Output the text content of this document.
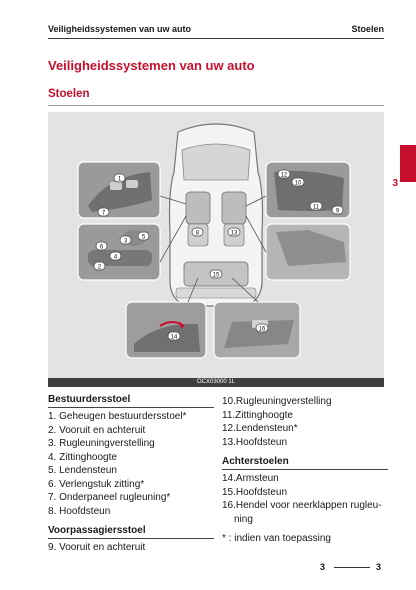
Veiligheidssystemen van uw auto	Stoelen
Veiligheidssystemen van uw auto
Stoelen
3
1
2
3
4
5
6
7
8
9
10
11
12
13
14
15
16
OCX03000 1L
Bestuurdersstoel
1. Geheugen bestuurdersstoel*
2. Vooruit en achteruit
3. Rugleuningverstelling
4. Zittinghoogte
5. Lendensteun
6. Verlengstuk zitting*
7. Onderpaneel rugleuning*
8. Hoofdsteun
Voorpassagiersstoel
9. Vooruit en achteruit
10.Rugleuningverstelling
11.Zittinghoogte
12.Lendensteun*
13.Hoofdsteun
Achterstoelen
14.Armsteun
15.Hoofdsteun
16.Hendel voor neerklappen rugleu-
ning
* : indien van toepassing
3	3
